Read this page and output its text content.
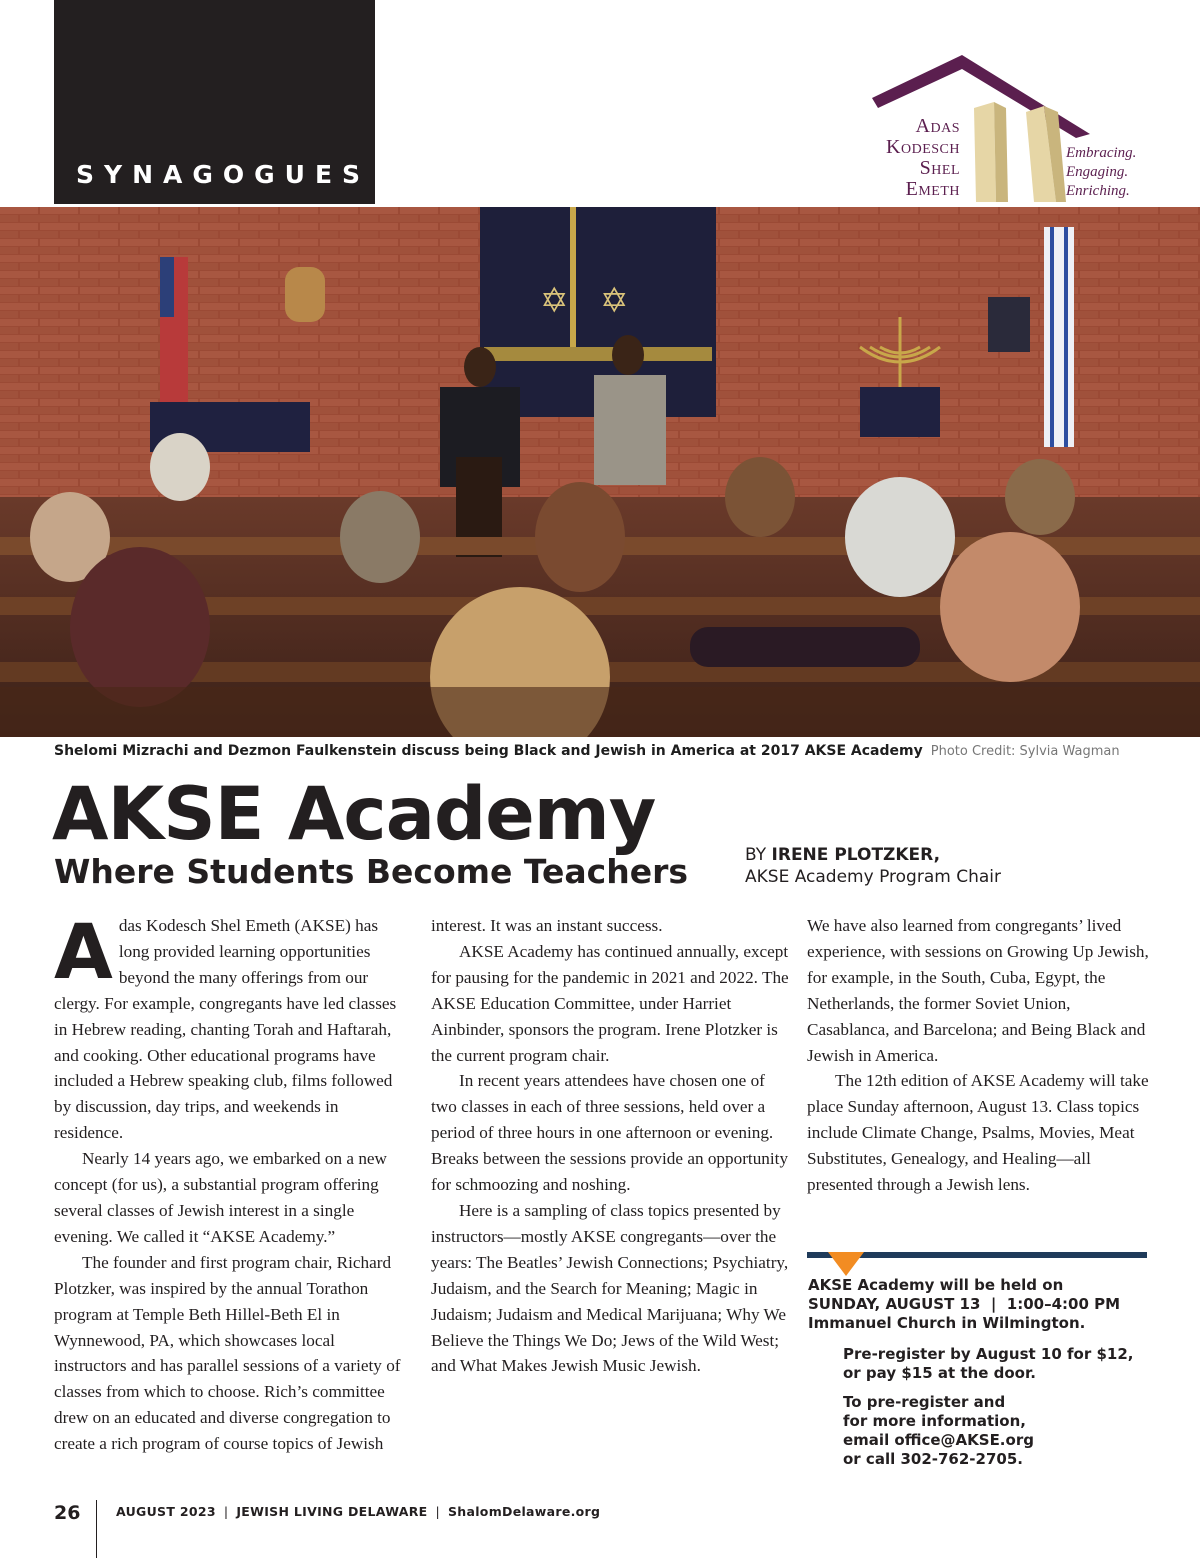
SYNAGOGUES
Adas
Kodesch
Shel
Emeth
Embracing.
Engaging.
Enriching.
✡ ✡
Shelomi Mizrachi and Dezmon Faulkenstein discuss being Black and Jewish in America at 2017 AKSE Academy Photo Credit: Sylvia Wagman
AKSE Academy
Where Students Become Teachers	BY IRENE PLOTZKER,
AKSE Academy Program Chair

Adas Kodesch Shel Emeth (AKSE) has long provided learning opportunities beyond the many offerings from our clergy. For example, congregants have led classes in Hebrew reading, chanting Torah and Haftarah, and cooking. Other educational programs have included a Hebrew speaking club, films followed by discussion, day trips, and weekends in residence.

Nearly 14 years ago, we embarked on a new concept (for us), a substantial program offering several classes of Jewish interest in a single evening. We called it “AKSE Academy.”

The founder and first program chair, Richard Plotzker, was inspired by the annual Torathon program at Temple Beth Hillel-Beth El in Wynnewood, PA, which showcases local instructors and has parallel sessions of a variety of classes from which to choose. Rich’s committee drew on an educated and diverse congregation to create a rich program of course topics of Jewish

interest. It was an instant success.

AKSE Academy has continued annually, except for pausing for the pandemic in 2021 and 2022. The AKSE Education Committee, under Harriet Ainbinder, sponsors the program. Irene Plotzker is the current program chair.

In recent years attendees have chosen one of two classes in each of three sessions, held over a period of three hours in one afternoon or evening. Breaks between the sessions provide an opportunity for schmoozing and noshing.

Here is a sampling of class topics presented by instructors—mostly AKSE congregants—over the years: The Beatles’ Jewish Connections; Psychiatry, Judaism, and the Search for Meaning; Magic in Judaism; Judaism and Medical Marijuana; Why We Believe the Things We Do; Jews of the Wild West; and What Makes Jewish Music Jewish.

We have also learned from congregants’ lived experience, with sessions on Growing Up Jewish, for example, in the South, Cuba, Egypt, the Netherlands, the former Soviet Union, Casablanca, and Barcelona; and Being Black and Jewish in America.

The 12th edition of AKSE Academy will take place Sunday afternoon, August 13. Class topics include Climate Change, Psalms, Movies, Meat Substitutes, Genealogy, and Healing—all presented through a Jewish lens.

AKSE Academy will be held on
SUNDAY, AUGUST 13  |  1:00–4:00 PM
Immanuel Church in Wilmington.
Pre-register by August 10 for $12,
or pay $15 at the door.
To pre-register and
for more information,
email office@AKSE.org
or call 302-762-2705.
26	AUGUST 2023 | JEWISH LIVING DELAWARE | ShalomDelaware.org
